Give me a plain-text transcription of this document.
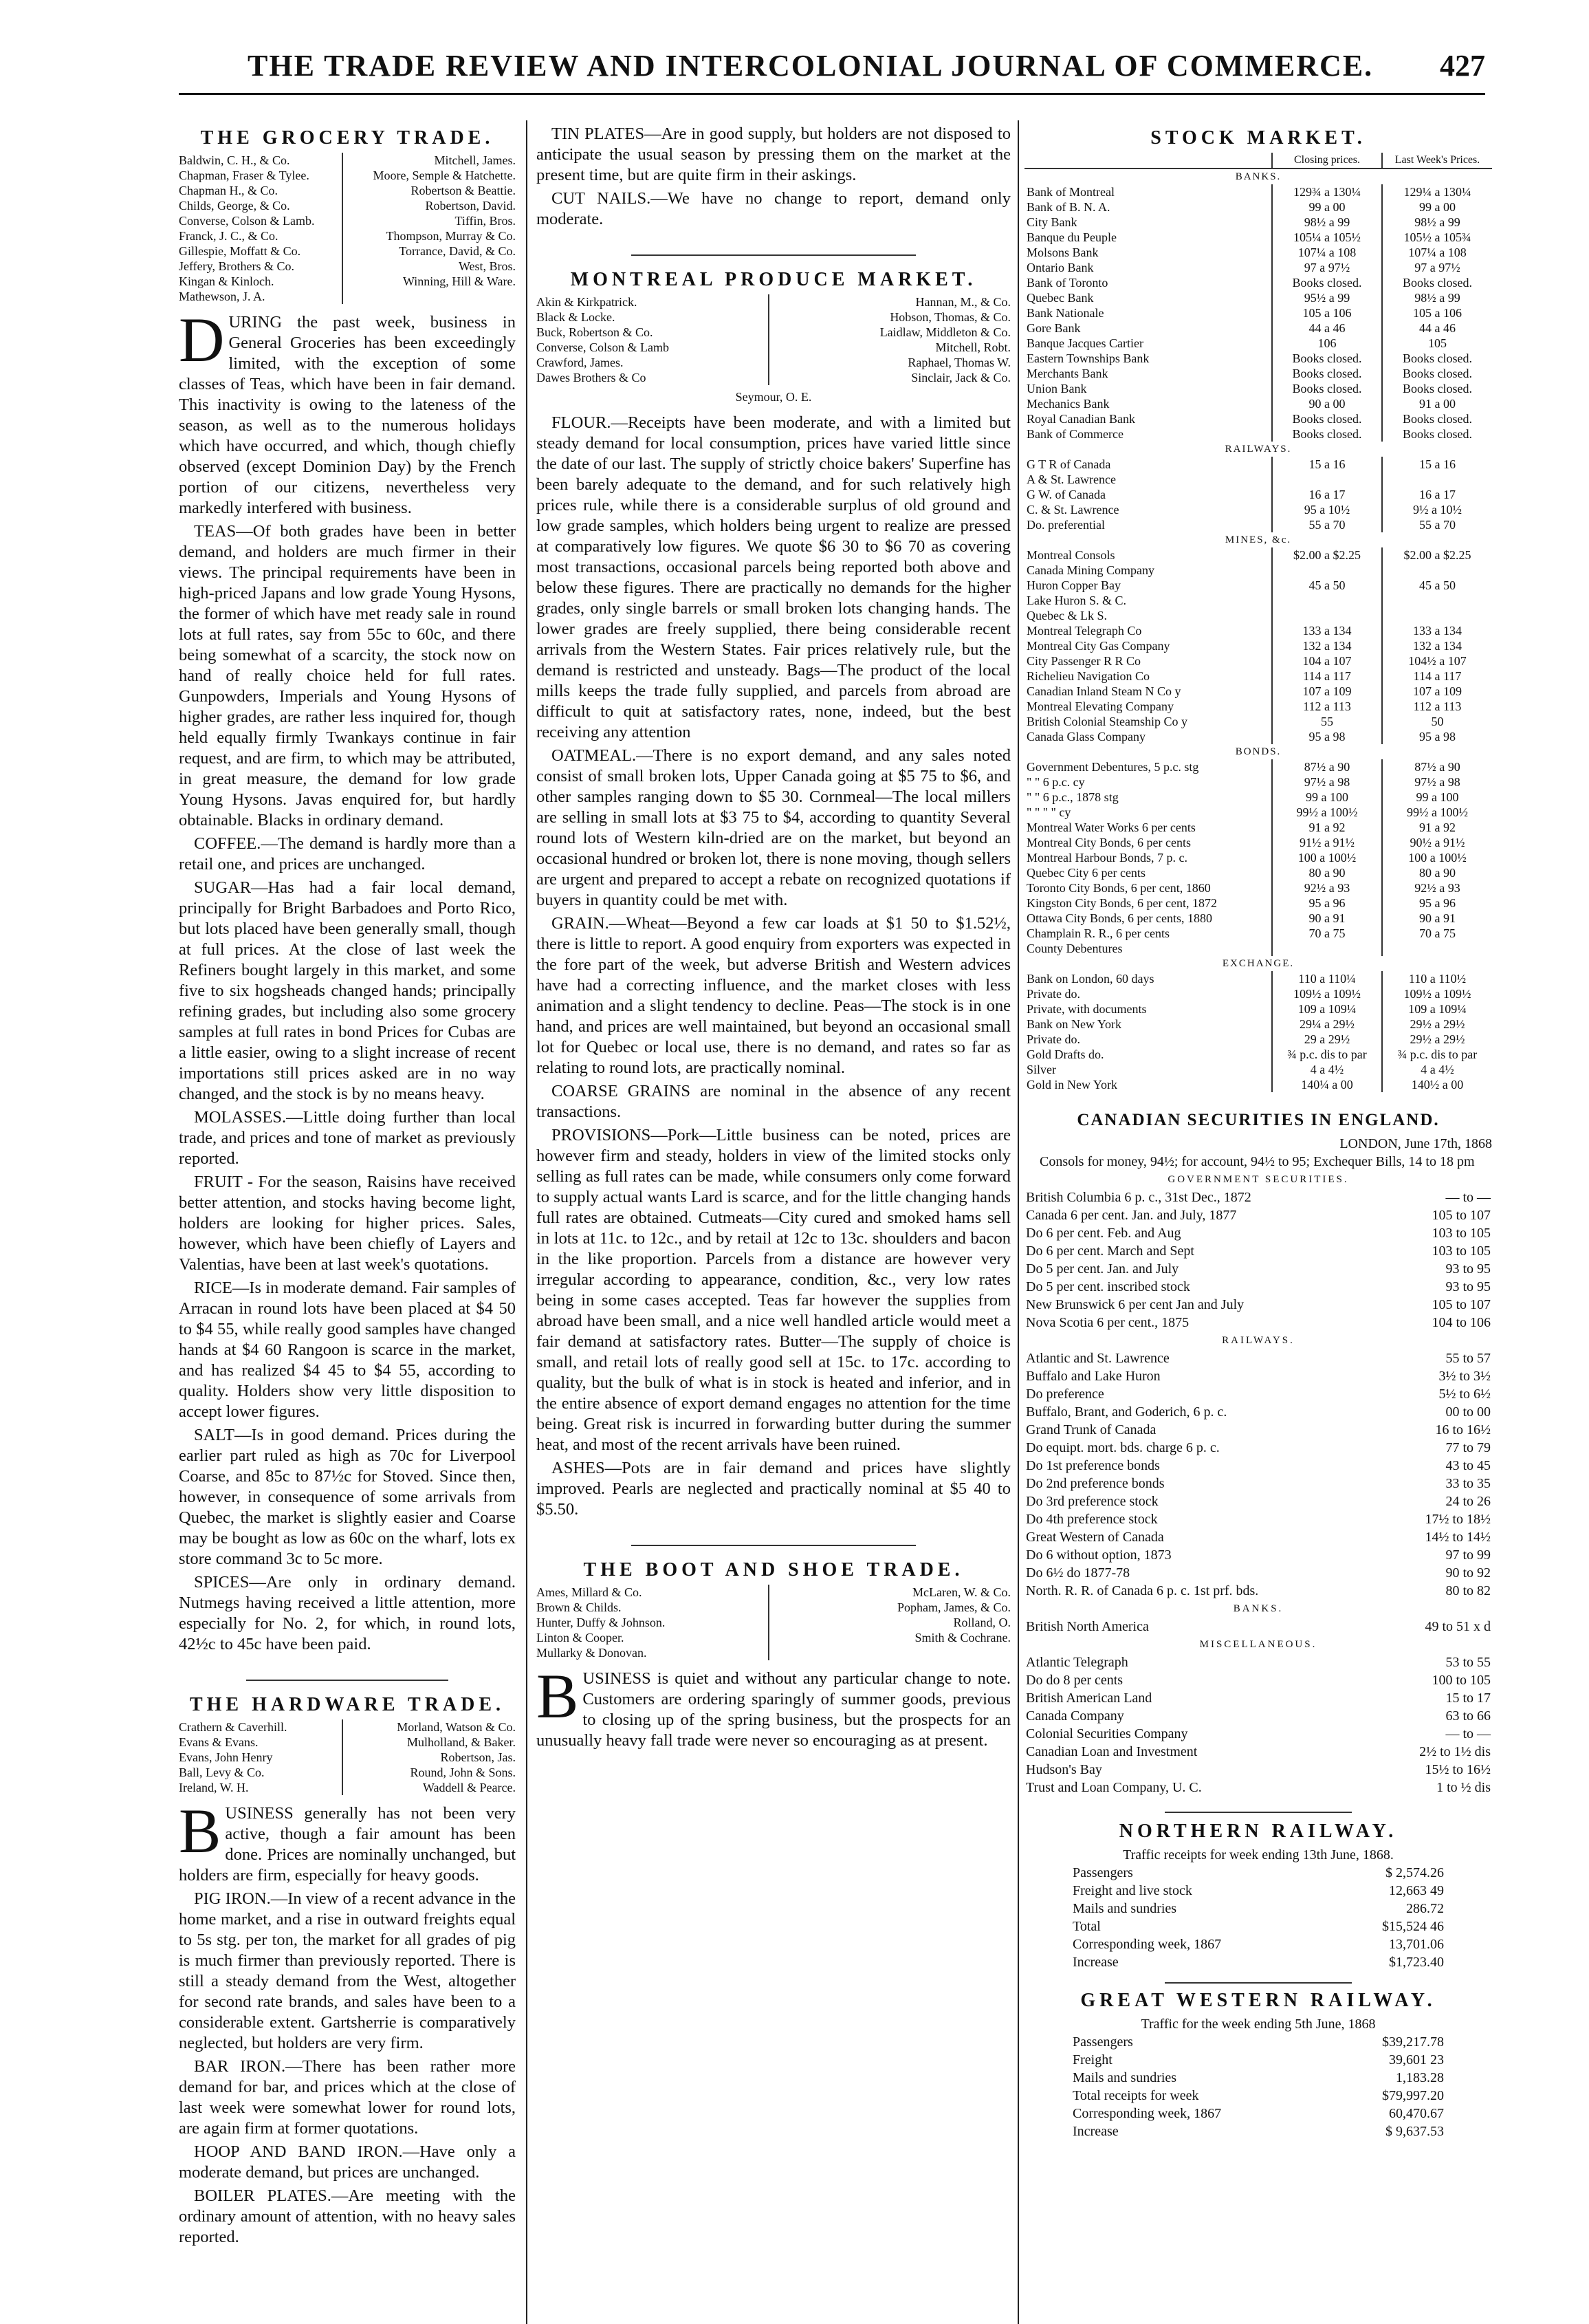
THE TRADE REVIEW AND INTERCOLONIAL JOURNAL OF COMMERCE. 427
THE GROCERY TRADE.
Baldwin, C. H., & Co.
Chapman, Fraser & Tylee.
Chapman H., & Co.
Childs, George, & Co.
Converse, Colson & Lamb.
Franck, J. C., & Co.
Gillespie, Moffatt & Co.
Jeffery, Brothers & Co.
Kingan & Kinloch.
Mathewson, J. A.
Mitchell, James.
Moore, Semple & Hatchette.
Robertson & Beattie.
Robertson, David.
Tiffin, Bros.
Thompson, Murray & Co.
Torrance, David, & Co.
West, Bros.
Winning, Hill & Ware.

DURING the past week, business in General Groceries has been exceedingly limited, with the exception of some classes of Teas, which have been in fair demand. This inactivity is owing to the lateness of the season, as well as to the numerous holidays which have occurred, and which, though chiefly observed (except Dominion Day) by the French portion of our citizens, nevertheless very markedly interfered with business.

TEAS—Of both grades have been in better demand, and holders are much firmer in their views. The principal requirements have been in high-priced Japans and low grade Young Hysons, the former of which have met ready sale in round lots at full rates, say from 55c to 60c, and there being somewhat of a scarcity, the stock now on hand of really choice held for full rates. Gunpowders, Imperials and Young Hysons of higher grades, are rather less inquired for, though held equally firmly Twankays continue in fair request, and are firm, to which may be attributed, in great measure, the demand for low grade Young Hysons. Javas enquired for, but hardly obtainable. Blacks in ordinary demand.

COFFEE.—The demand is hardly more than a retail one, and prices are unchanged.

SUGAR—Has had a fair local demand, principally for Bright Barbadoes and Porto Rico, but lots placed have been generally small, though at full prices. At the close of last week the Refiners bought largely in this market, and some five to six hogsheads changed hands; principally refining grades, but including also some grocery samples at full rates in bond Prices for Cubas are a little easier, owing to a slight increase of recent importations still prices asked are in no way changed, and the stock is by no means heavy.

MOLASSES.—Little doing further than local trade, and prices and tone of market as previously reported.

FRUIT - For the season, Raisins have received better attention, and stocks having become light, holders are looking for higher prices. Sales, however, which have been chiefly of Layers and Valentias, have been at last week's quotations.

RICE—Is in moderate demand. Fair samples of Arracan in round lots have been placed at $4 50 to $4 55, while really good samples have changed hands at $4 60 Rangoon is scarce in the market, and has realized $4 45 to $4 55, according to quality. Holders show very little disposition to accept lower figures.

SALT—Is in good demand. Prices during the earlier part ruled as high as 70c for Liverpool Coarse, and 85c to 87½c for Stoved. Since then, however, in consequence of some arrivals from Quebec, the market is slightly easier and Coarse may be bought as low as 60c on the wharf, lots ex store command 3c to 5c more.

SPICES—Are only in ordinary demand. Nutmegs having received a little attention, more especially for No. 2, for which, in round lots, 42½c to 45c have been paid.

THE HARDWARE TRADE.
Crathern & Caverhill.
Evans & Evans.
Evans, John Henry
Ball, Levy & Co.
Ireland, W. H.
Morland, Watson & Co.
Mulholland, & Baker.
Robertson, Jas.
Round, John & Sons.
Waddell & Pearce.

BUSINESS generally has not been very active, though a fair amount has been done. Prices are nominally unchanged, but holders are firm, especially for heavy goods.

PIG IRON.—In view of a recent advance in the home market, and a rise in outward freights equal to 5s stg. per ton, the market for all grades of pig is much firmer than previously reported. There is still a steady demand from the West, altogether for second rate brands, and sales have been to a considerable extent. Gartsherrie is comparatively neglected, but holders are very firm.

BAR IRON.—There has been rather more demand for bar, and prices which at the close of last week were somewhat lower for round lots, are again firm at former quotations.

HOOP AND BAND IRON.—Have only a moderate demand, but prices are unchanged.

BOILER PLATES.—Are meeting with the ordinary amount of attention, with no heavy sales reported.

TIN PLATES—Are in good supply, but holders are not disposed to anticipate the usual season by pressing them on the market at the present time, but are quite firm in their askings.

CUT NAILS.—We have no change to report, demand only moderate.

MONTREAL PRODUCE MARKET.
Akin & Kirkpatrick.
Black & Locke.
Buck, Robertson & Co.
Converse, Colson & Lamb
Crawford, James.
Dawes Brothers & Co
Hannan, M., & Co.
Hobson, Thomas, & Co.
Laidlaw, Middleton & Co.
Mitchell, Robt.
Raphael, Thomas W.
Sinclair, Jack & Co.
Seymour, O. E.

FLOUR.—Receipts have been moderate, and with a limited but steady demand for local consumption, prices have varied little since the date of our last. The supply of strictly choice bakers' Superfine has been barely adequate to the demand, and for such relatively high prices rule, while there is a considerable surplus of old ground and low grade samples, which holders being urgent to realize are pressed at comparatively low figures. We quote $6 30 to $6 70 as covering most transactions, occasional parcels being reported both above and below these figures. There are practically no demands for the higher grades, only single barrels or small broken lots changing hands. The lower grades are freely supplied, there being considerable recent arrivals from the Western States. Fair prices relatively rule, but the demand is restricted and unsteady. Bags—The product of the local mills keeps the trade fully supplied, and parcels from abroad are difficult to quit at satisfactory rates, none, indeed, but the best receiving any attention

OATMEAL.—There is no export demand, and any sales noted consist of small broken lots, Upper Canada going at $5 75 to $6, and other samples ranging down to $5 30. Cornmeal—The local millers are selling in small lots at $3 75 to $4, according to quantity Several round lots of Western kiln-dried are on the market, but beyond an occasional hundred or broken lot, there is none moving, though sellers are urgent and prepared to accept a rebate on recognized quotations if buyers in quantity could be met with.

GRAIN.—Wheat—Beyond a few car loads at $1 50 to $1.52½, there is little to report. A good enquiry from exporters was expected in the fore part of the week, but adverse British and Western advices have had a correcting influence, and the market closes with less animation and a slight tendency to decline. Peas—The stock is in one hand, and prices are well maintained, but beyond an occasional small lot for Quebec or local use, there is no demand, and rates so far as relating to round lots, are practically nominal.

COARSE GRAINS are nominal in the absence of any recent transactions.

PROVISIONS—Pork—Little business can be noted, prices are however firm and steady, holders in view of the limited stocks only selling as full rates can be made, while consumers only come forward to supply actual wants Lard is scarce, and for the little changing hands full rates are obtained. Cutmeats—City cured and smoked hams sell in lots at 11c. to 12c., and by retail at 12c to 13c. shoulders and bacon in the like proportion. Parcels from a distance are however very irregular according to appearance, condition, &c., very low rates being in some cases accepted. Teas far however the supplies from abroad have been small, and a nice well handled article would meet a fair demand at satisfactory rates. Butter—The supply of choice is small, and retail lots of really good sell at 15c. to 17c. according to quality, but the bulk of what is in stock is heated and inferior, and in the entire absence of export demand engages no attention for the time being. Great risk is incurred in forwarding butter during the summer heat, and most of the recent arrivals have been ruined.

ASHES—Pots are in fair demand and prices have slightly improved. Pearls are neglected and practically nominal at $5 40 to $5.50.

THE BOOT AND SHOE TRADE.
Ames, Millard & Co.
Brown & Childs.
Hunter, Duffy & Johnson.
Linton & Cooper.
Mullarky & Donovan.
McLaren, W. & Co.
Popham, James, & Co.
Rolland, O.
Smith & Cochrane.

BUSINESS is quiet and without any particular change to note. Customers are ordering sparingly of summer goods, previous to closing up of the spring business, but the prospects for an unusually heavy fall trade were never so encouraging as at present.

STOCK MARKET.
	Closing prices.	Last Week's Prices.
BANKS.		
Bank of Montreal	129¾ a 130¼	129¼ a 130¼
Bank of B. N. A.	99 a 00	99 a 00
City Bank	98½ a 99	98½ a 99
Banque du Peuple	105¼ a 105½	105½ a 105¾
Molsons Bank	107¼ a 108	107¼ a 108
Ontario Bank	97 a 97½	97 a 97½
Bank of Toronto	Books closed.	Books closed.
Quebec Bank	95½ a 99	98½ a 99
Bank Nationale	105 a 106	105 a 106
Gore Bank	44 a 46	44 a 46
Banque Jacques Cartier	106	105
Eastern Townships Bank	Books closed.	Books closed.
Merchants Bank	Books closed.	Books closed.
Union Bank	Books closed.	Books closed.
Mechanics Bank	90 a 00	91 a 00
Royal Canadian Bank	Books closed.	Books closed.
Bank of Commerce	Books closed.	Books closed.
RAILWAYS.		
G T R of Canada	15 a 16	15 a 16
A & St. Lawrence		
G W. of Canada	16 a 17	16 a 17
C. & St. Lawrence	95 a 10½	9½ a 10½
Do. preferential	55 a 70	55 a 70
MINES, &c.		
Montreal Consols	$2.00 a $2.25	$2.00 a $2.25
Canada Mining Company		
Huron Copper Bay	45 a 50	45 a 50
Lake Huron S. & C.		
Quebec & Lk S.		
Montreal Telegraph Co	133 a 134	133 a 134
Montreal City Gas Company	132 a 134	132 a 134
City Passenger R R Co	104 a 107	104½ a 107
Richelieu Navigation Co	114 a 117	114 a 117
Canadian Inland Steam N Co y	107 a 109	107 a 109
Montreal Elevating Company	112 a 113	112 a 113
British Colonial Steamship Co y	55	50
Canada Glass Company	95 a 98	95 a 98
BONDS.		
Government Debentures, 5 p.c. stg	87½ a 90	87½ a 90
" " 6 p.c. cy	97½ a 98	97½ a 98
" " 6 p.c., 1878 stg	99 a 100	99 a 100
" " " " cy	99½ a 100½	99½ a 100½
Montreal Water Works 6 per cents	91 a 92	91 a 92
Montreal City Bonds, 6 per cents	91½ a 91½	90½ a 91½
Montreal Harbour Bonds, 7 p. c.	100 a 100½	100 a 100½
Quebec City 6 per cents	80 a 90	80 a 90
Toronto City Bonds, 6 per cent, 1860	92½ a 93	92½ a 93
Kingston City Bonds, 6 per cent, 1872	95 a 96	95 a 96
Ottawa City Bonds, 6 per cents, 1880	90 a 91	90 a 91
Champlain R. R., 6 per cents	70 a 75	70 a 75
County Debentures		
EXCHANGE.		
Bank on London, 60 days	110 a 110¼	110 a 110½
Private do.	109½ a 109½	109½ a 109½
Private, with documents	109 a 109¼	109 a 109¼
Bank on New York	29¼ a 29½	29½ a 29½
Private do.	29 a 29½	29½ a 29½
Gold Drafts do.	¾ p.c. dis to par	¾ p.c. dis to par
Silver	4 a 4½	4 a 4½
Gold in New York	140¼ a 00	140½ a 00
CANADIAN SECURITIES IN ENGLAND.
LONDON, June 17th, 1868
Consols for money, 94½; for account, 94½ to 95; Exchequer Bills, 14 to 18 pm
GOVERNMENT SECURITIES.	
British Columbia 6 p. c., 31st Dec., 1872	— to —
Canada 6 per cent. Jan. and July, 1877	105 to 107
Do 6 per cent. Feb. and Aug	103 to 105
Do 6 per cent. March and Sept	103 to 105
Do 5 per cent. Jan. and July	93 to 95
Do 5 per cent. inscribed stock	93 to 95
New Brunswick 6 per cent Jan and July	105 to 107
Nova Scotia 6 per cent., 1875	104 to 106
RAILWAYS.	
Atlantic and St. Lawrence	55 to 57
Buffalo and Lake Huron	3½ to 3½
Do preference	5½ to 6½
Buffalo, Brant, and Goderich, 6 p. c.	00 to 00
Grand Trunk of Canada	16 to 16½
Do equipt. mort. bds. charge 6 p. c.	77 to 79
Do 1st preference bonds	43 to 45
Do 2nd preference bonds	33 to 35
Do 3rd preference stock	24 to 26
Do 4th preference stock	17½ to 18½
Great Western of Canada	14½ to 14½
Do 6 without option, 1873	97 to 99
Do 6½ do 1877-78	90 to 92
North. R. R. of Canada 6 p. c. 1st prf. bds.	80 to 82
BANKS.	
British North America	49 to 51 x d
MISCELLANEOUS.	
Atlantic Telegraph	53 to 55
Do do 8 per cents	100 to 105
British American Land	15 to 17
Canada Company	63 to 66
Colonial Securities Company	— to —
Canadian Loan and Investment	2½ to 1½ dis
Hudson's Bay	15½ to 16½
Trust and Loan Company, U. C.	1 to ½ dis
NORTHERN RAILWAY.
Traffic receipts for week ending 13th June, 1868.
Passengers	$ 2,574.26
Freight and live stock	12,663 49
Mails and sundries	286.72
Total	$15,524 46
Corresponding week, 1867	13,701.06
Increase	$1,723.40
GREAT WESTERN RAILWAY.
Traffic for the week ending 5th June, 1868
Passengers	$39,217.78
Freight	39,601 23
Mails and sundries	1,183.28
Total receipts for week	$79,997.20
Corresponding week, 1867	60,470.67
Increase	$ 9,637.53
